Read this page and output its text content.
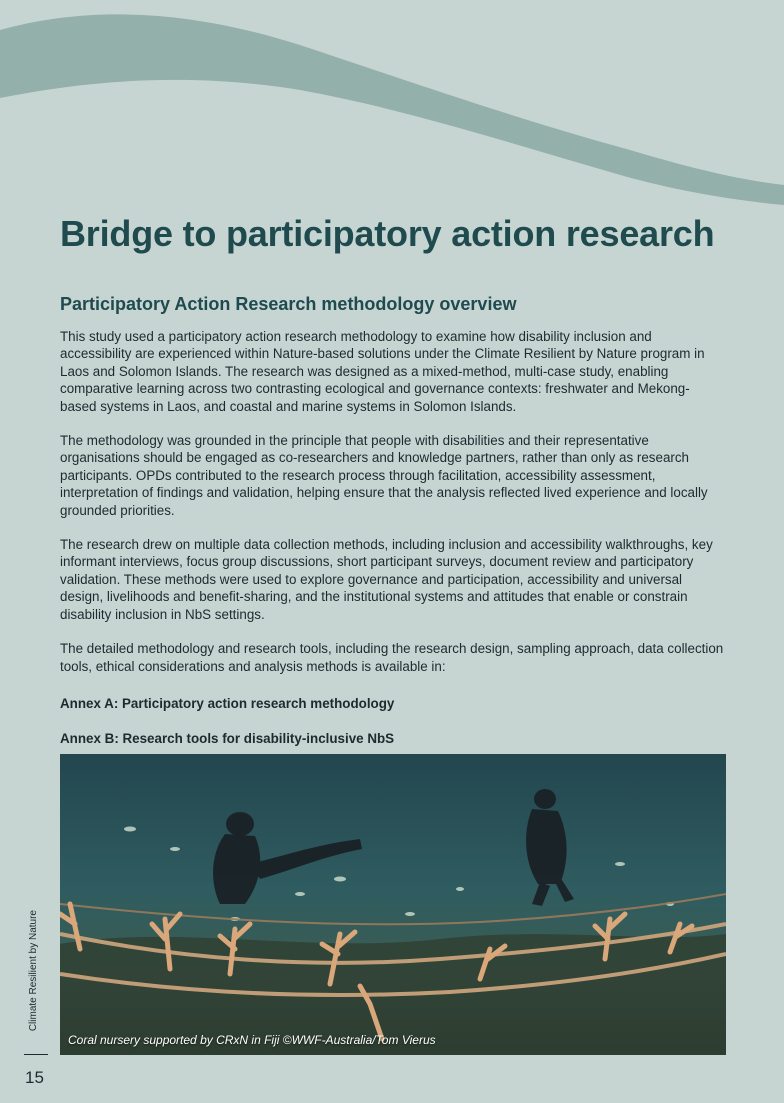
Bridge to participatory action research
Participatory Action Research methodology overview

This study used a participatory action research methodology to examine how disability inclusion and accessibility are experienced within Nature-based solutions under the Climate Resilient by Nature program in Laos and Solomon Islands. The research was designed as a mixed-method, multi-case study, enabling comparative learning across two contrasting ecological and governance contexts: freshwater and Mekong-based systems in Laos, and coastal and marine systems in Solomon Islands.

The methodology was grounded in the principle that people with disabilities and their representative organisations should be engaged as co-researchers and knowledge partners, rather than only as research participants. OPDs contributed to the research process through facilitation, accessibility assessment, interpretation of findings and validation, helping ensure that the analysis reflected lived experience and locally grounded priorities.

The research drew on multiple data collection methods, including inclusion and accessibility walkthroughs, key informant interviews, focus group discussions, short participant surveys, document review and participatory validation. These methods were used to explore governance and participation, accessibility and universal design, livelihoods and benefit-sharing, and the institutional systems and attitudes that enable or constrain disability inclusion in NbS settings.

The detailed methodology and research tools, including the research design, sampling approach, data collection tools, ethical considerations and analysis methods is available in:

Annex A: Participatory action research methodology

Annex B: Research tools for disability-inclusive NbS

Coral nursery supported by CRxN in Fiji ©WWF-Australia/Tom Vierus
Climate Resilient by Nature
15
